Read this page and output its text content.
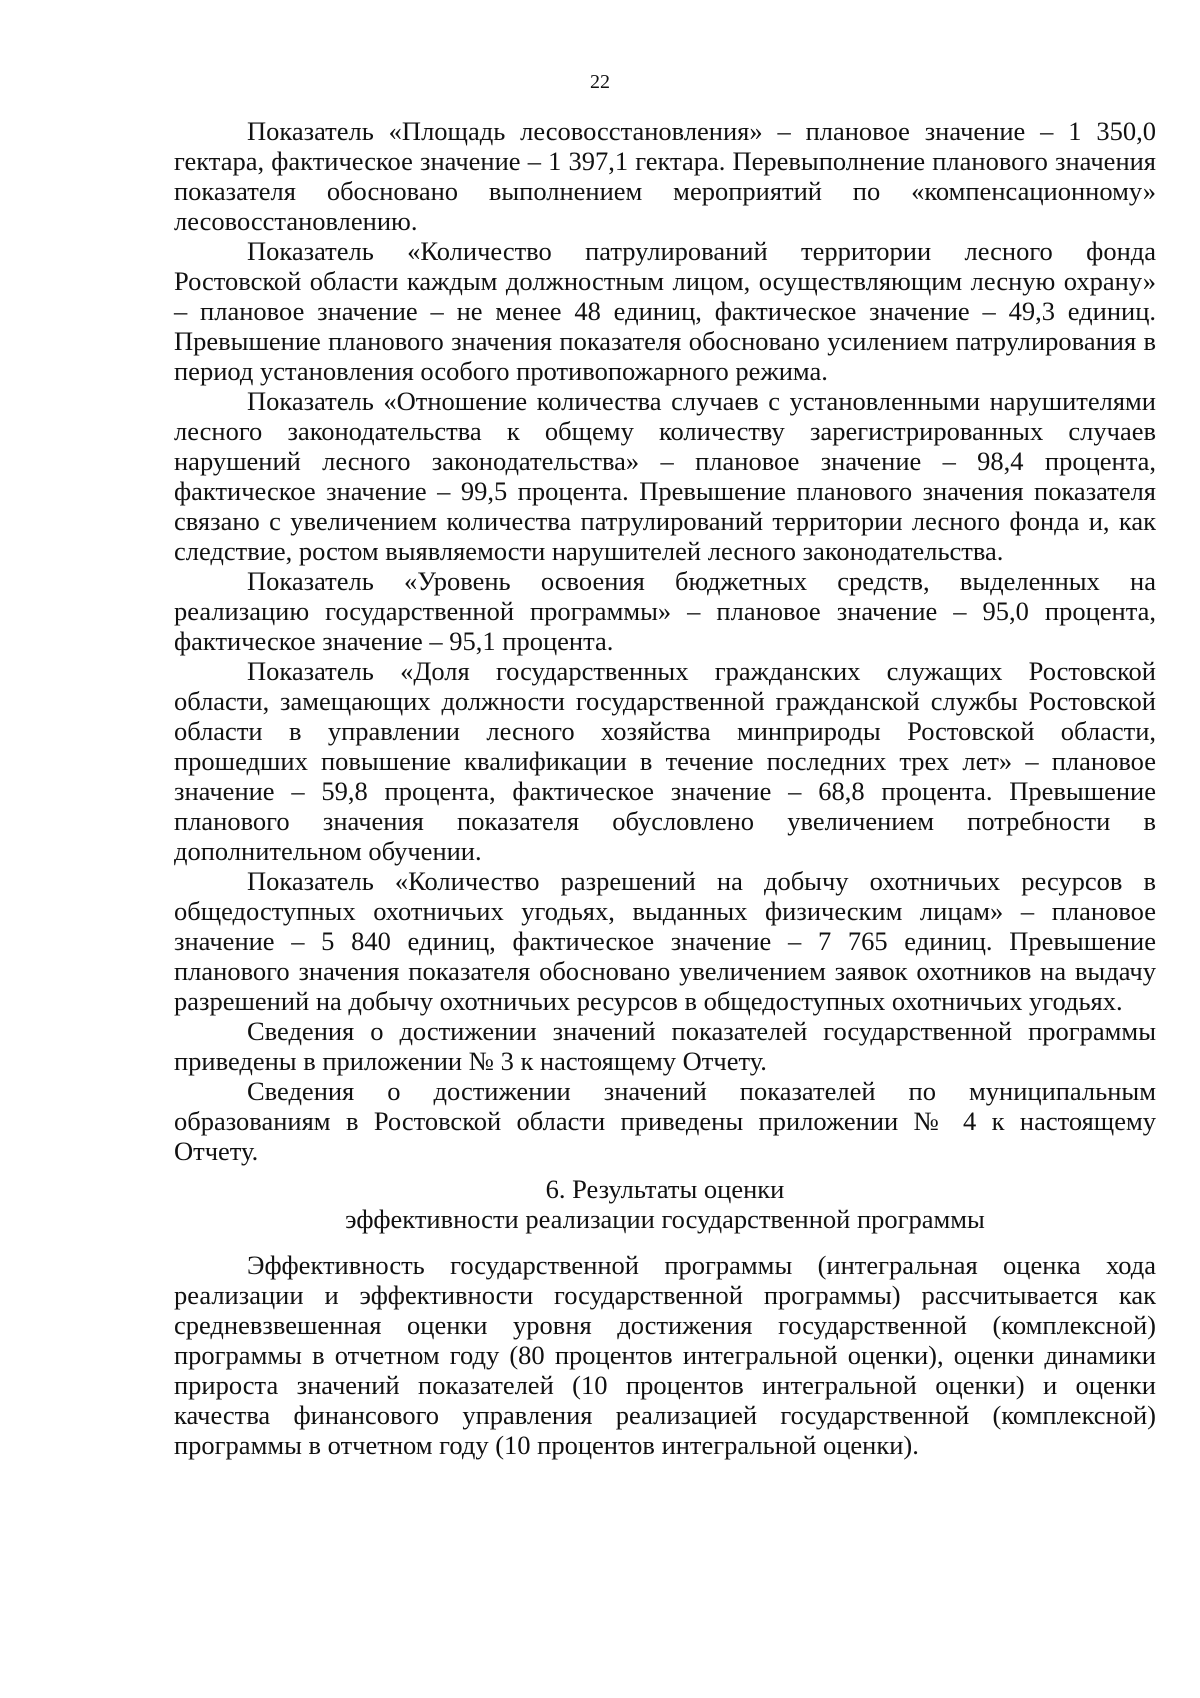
22

Показатель «Площадь лесовосстановления» – плановое значение – 1 350,0 гектара, фактическое значение – 1 397,1 гектара. Перевыполнение планового значения показателя обосновано выполнением мероприятий по «компенсационному» лесовосстановлению.

Показатель «Количество патрулирований территории лесного фонда Ростовской области каждым должностным лицом, осуществляющим лесную охрану» – плановое значение – не менее 48 единиц, фактическое значение – 49,3 единиц. Превышение планового значения показателя обосновано усилением патрулирования в период установления особого противопожарного режима.

Показатель «Отношение количества случаев с установленными нарушителями лесного законодательства к общему количеству зарегистрированных случаев нарушений лесного законодательства» – плановое значение – 98,4 процента, фактическое значение – 99,5 процента. Превышение планового значения показателя связано с увеличением количества патрулирований территории лесного фонда и, как следствие, ростом выявляемости нарушителей лесного законодательства.

Показатель «Уровень освоения бюджетных средств, выделенных на реализацию государственной программы» – плановое значение – 95,0 процента, фактическое значение – 95,1 процента.

Показатель «Доля государственных гражданских служащих Ростовской области, замещающих должности государственной гражданской службы Ростовской области в управлении лесного хозяйства минприроды Ростовской области, прошедших повышение квалификации в течение последних трех лет» – плановое значение – 59,8 процента, фактическое значение – 68,8 процента. Превышение планового значения показателя обусловлено увеличением потребности в дополнительном обучении.

Показатель «Количество разрешений на добычу охотничьих ресурсов в общедоступных охотничьих угодьях, выданных физическим лицам» – плановое значение – 5 840 единиц, фактическое значение – 7 765 единиц. Превышение планового значения показателя обосновано увеличением заявок охотников на выдачу разрешений на добычу охотничьих ресурсов в общедоступных охотничьих угодьях.

Сведения о достижении значений показателей государственной программы приведены в приложении № 3 к настоящему Отчету.

Сведения о достижении значений показателей по муниципальным образованиям в Ростовской области приведены приложении № 4 к настоящему Отчету.

6. Результаты оценки
эффективности реализации государственной программы

Эффективность государственной программы (интегральная оценка хода реализации и эффективности государственной программы) рассчитывается как средневзвешенная оценки уровня достижения государственной (комплексной) программы в отчетном году (80 процентов интегральной оценки), оценки динамики прироста значений показателей (10 процентов интегральной оценки) и оценки качества финансового управления реализацией государственной (комплексной) программы в отчетном году (10 процентов интегральной оценки).
